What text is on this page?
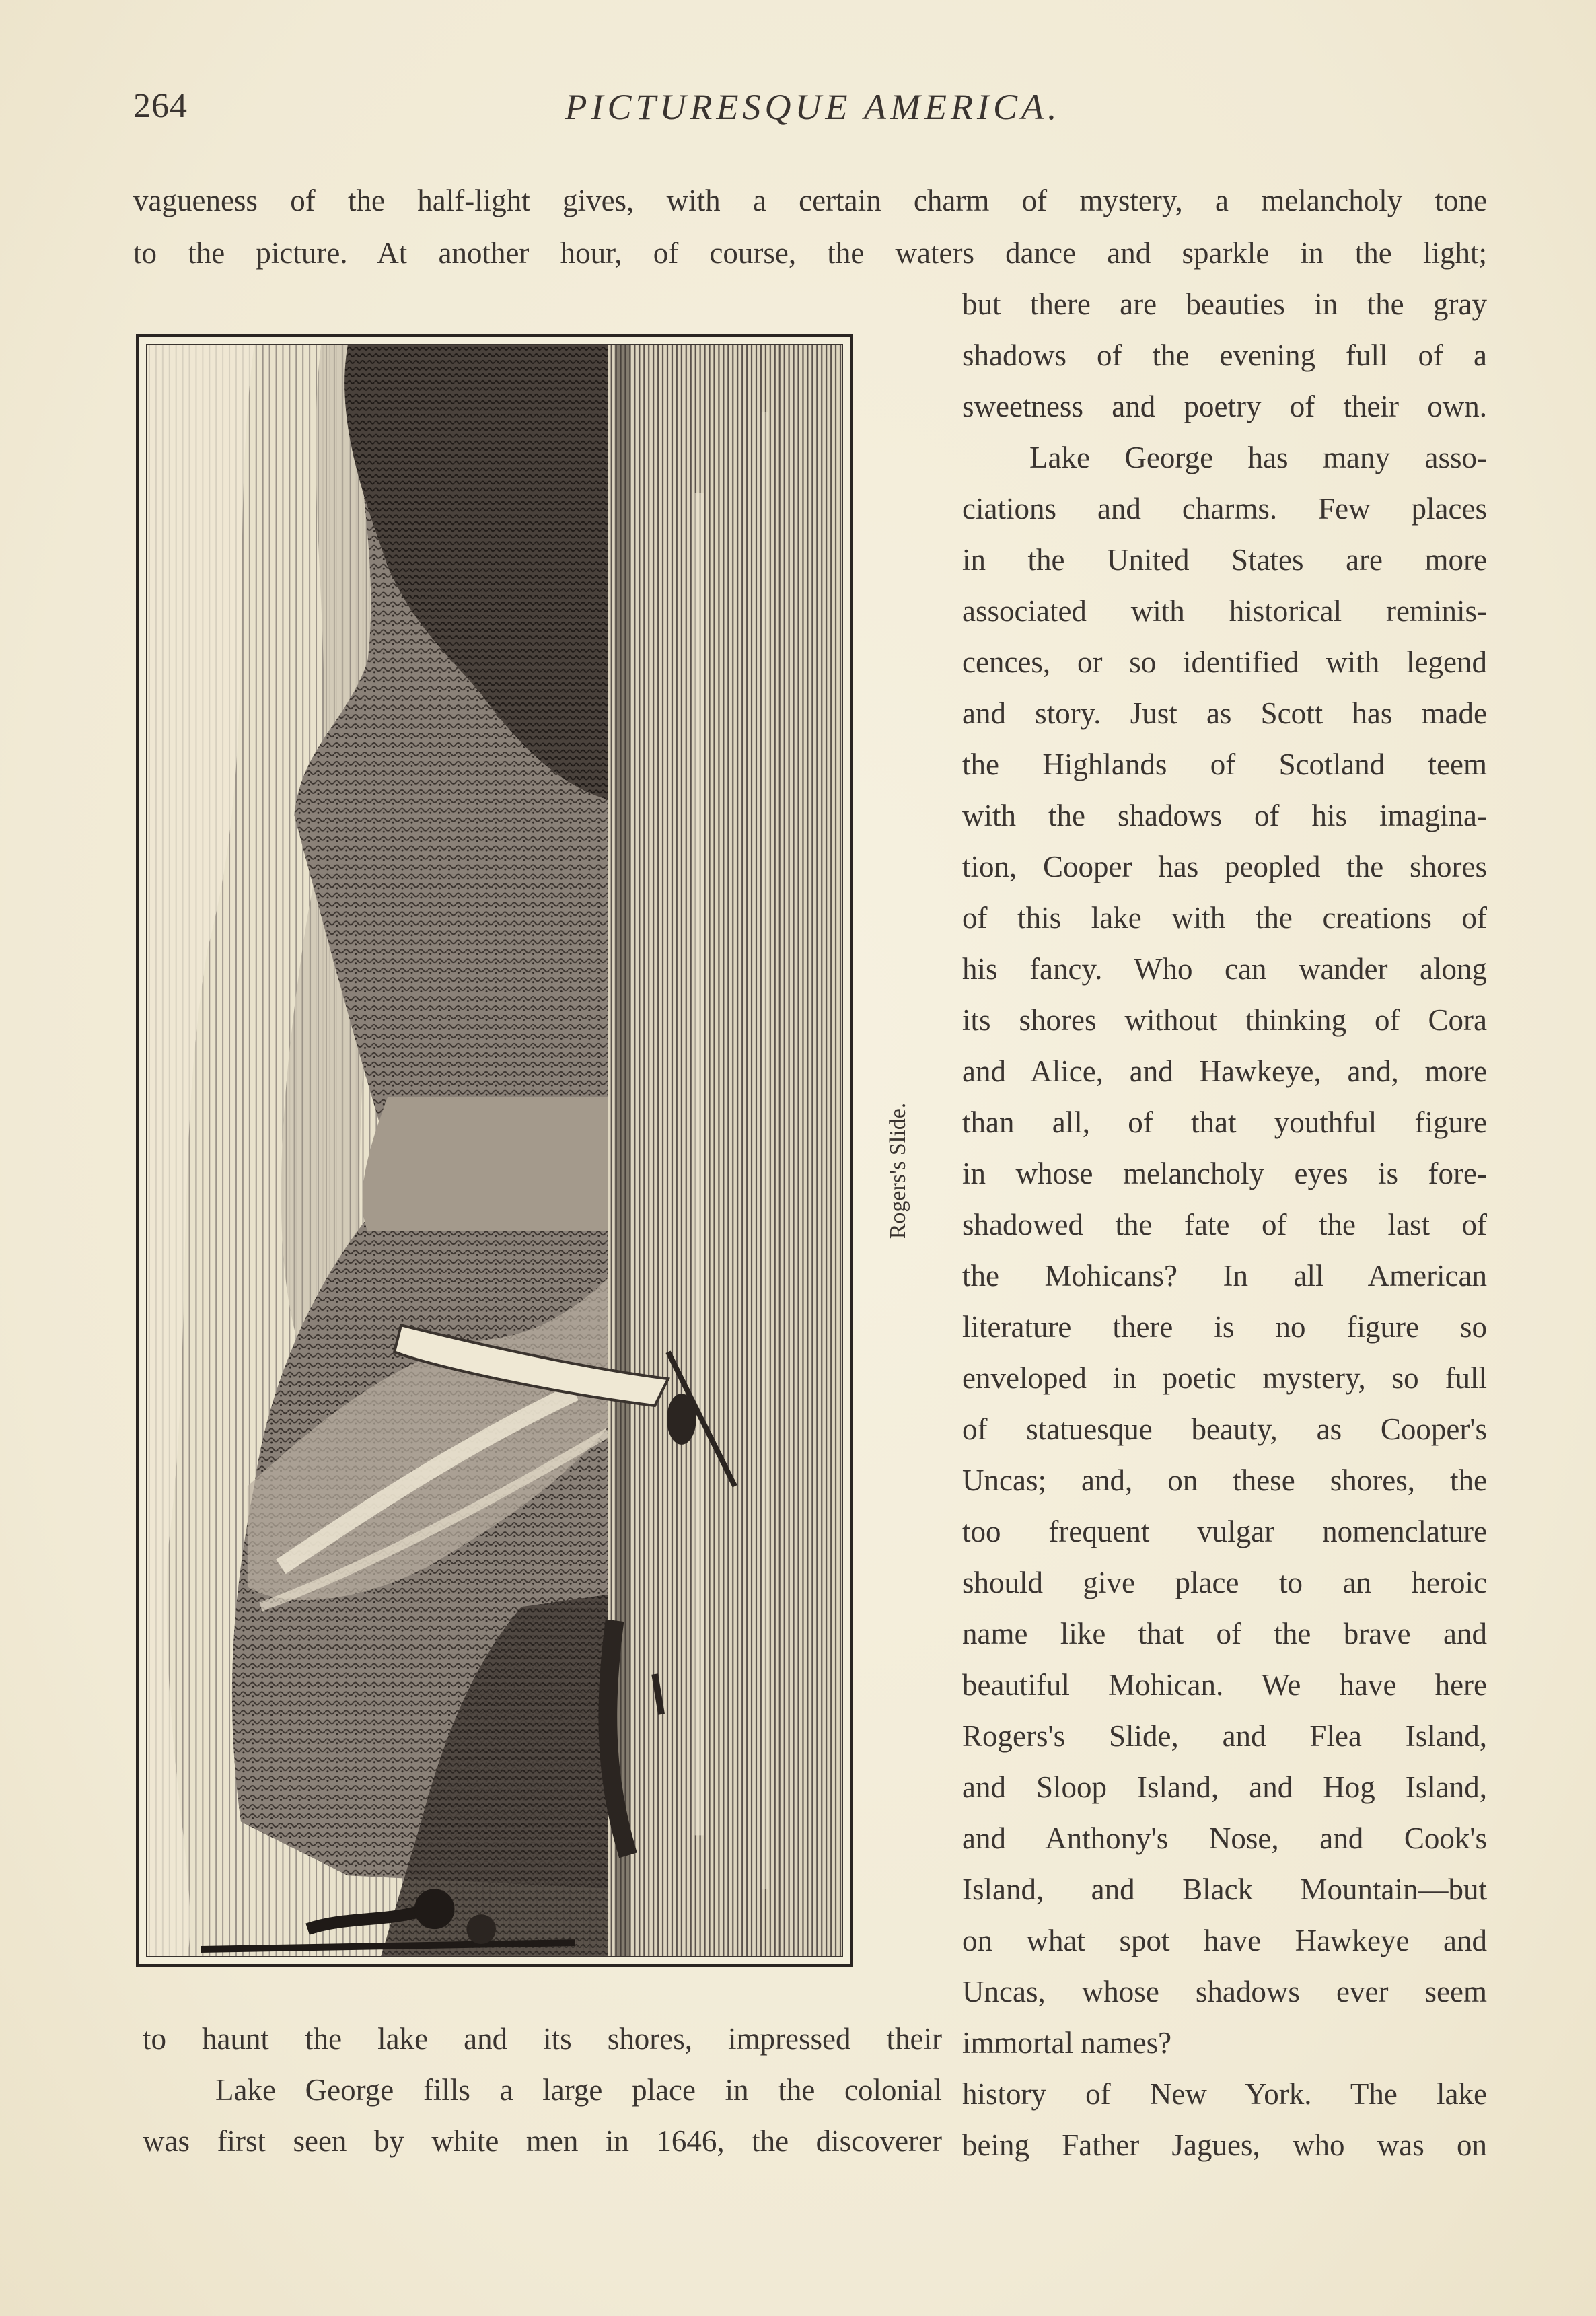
264	PICTURESQUE AMERICA.
vagueness of the half-light gives, with a certain charm of mystery, a melancholy tone
to the picture. At another hour, of course, the waters dance and sparkle in the light;
but there are beauties in the gray
shadows of the evening full of a
sweetness and poetry of their own.
Lake George has many asso-
ciations and charms. Few places
in the United States are more
associated with historical reminis-
cences, or so identified with legend
and story. Just as Scott has made
the Highlands of Scotland teem
with the shadows of his imagina-
tion, Cooper has peopled the shores
of this lake with the creations of
his fancy. Who can wander along
its shores without thinking of Cora
and Alice, and Hawkeye, and, more
than all, of that youthful figure
in whose melancholy eyes is fore-
shadowed the fate of the last of
the Mohicans? In all American
literature there is no figure so
enveloped in poetic mystery, so full
of statuesque beauty, as Cooper's
Uncas; and, on these shores, the
too frequent vulgar nomenclature
should give place to an heroic
name like that of the brave and
beautiful Mohican. We have here
Rogers's Slide, and Flea Island,
and Sloop Island, and Hog Island,
and Anthony's Nose, and Cook's
Island, and Black Mountain—but
on what spot have Hawkeye and
Uncas, whose shadows ever seem
immortal names?
history of New York. The lake
being Father Jagues, who was on
to haunt the lake and its shores, impressed their
Lake George fills a large place in the colonial
was first seen by white men in 1646, the discoverer
Rogers's Slide.
